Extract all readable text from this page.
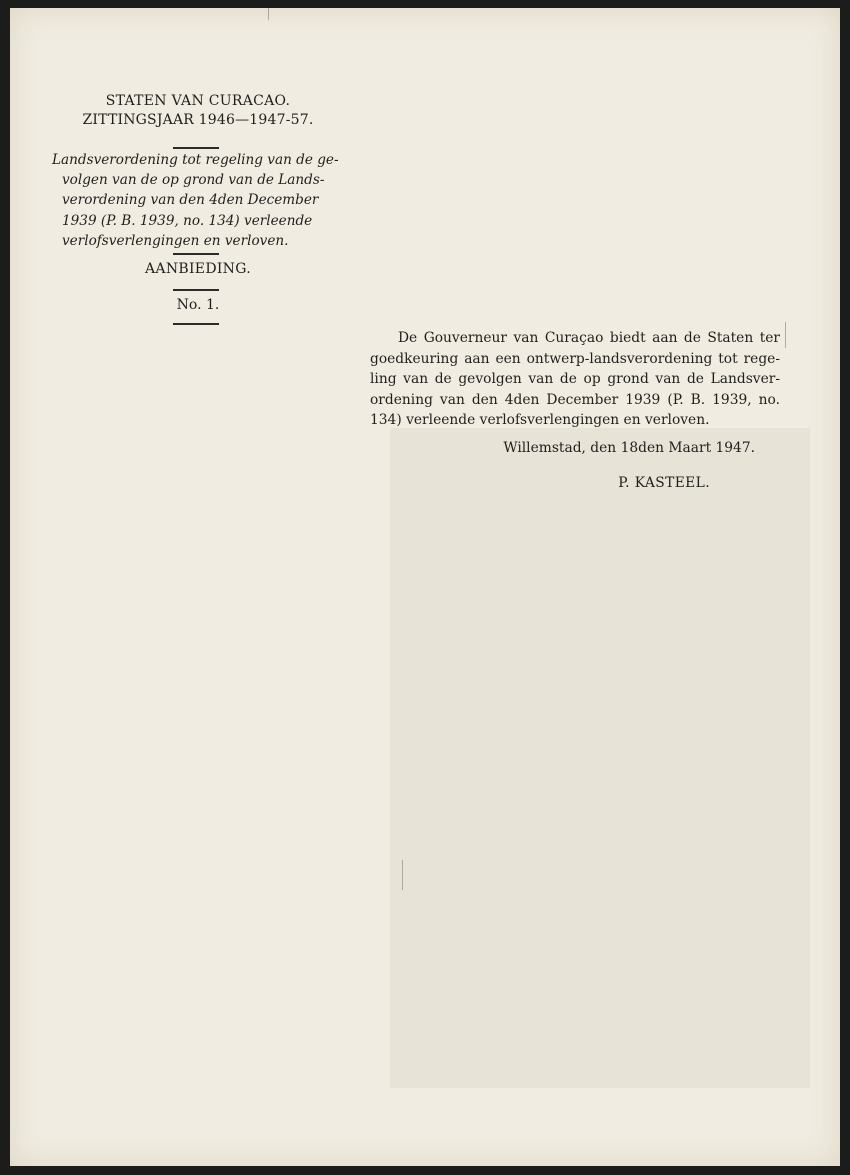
STATEN VAN CURACAO.
ZITTINGSJAAR 1946—1947-57.
Landsverordening tot regeling van de ge-
volgen van de op grond van de Lands-
verordening van den 4den December
1939 (P. B. 1939, no. 134) verleende
verlofsverlengingen en verloven.
AANBIEDING.
No. 1.
De Gouverneur van Curaçao biedt aan de Staten ter
goedkeuring aan een ontwerp-landsverordening tot rege-
ling van de gevolgen van de op grond van de Landsver-
ordening van den 4den December 1939 (P. B. 1939, no.
134) verleende verlofsverlengingen en verloven.
Willemstad, den 18den Maart 1947.
P. KASTEEL.
